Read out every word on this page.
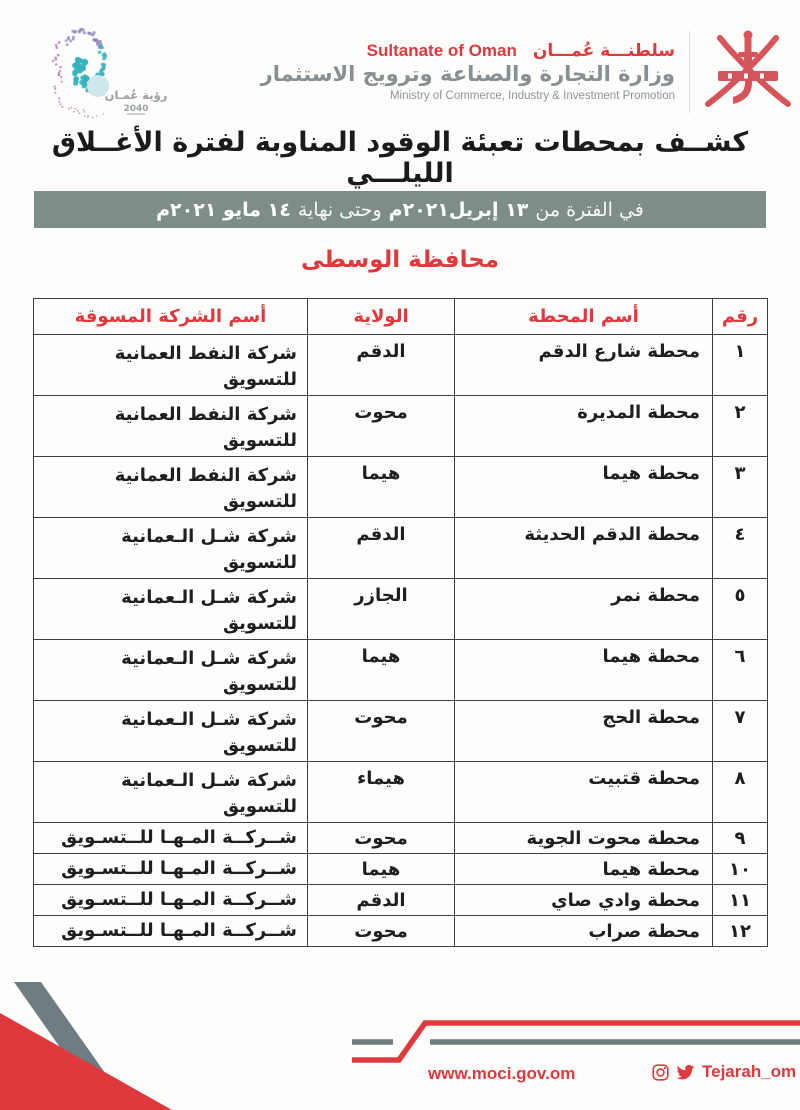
رؤية عُمـان
2040
Sultanate of Oman سلطنـــة عُمـــان
وزارة التجارة والصناعة وترويج الاستثمار
Ministry of Commerce, Industry & Investment Promotion
كشــف بمحطات تعبئة الوقود المناوبة لفترة الأغــلاق الليلـــي
في الفترة من
١٣ إبريل٢٠٢١م
وحتى نهاية
١٤ مايو ٢٠٢١م
محافظة الوسطى
رقم	أسم المحطة	الولاية	أسم الشركة المسوقة
١	محطة شارع الدقم	الدقم	شركة النفط العمانية
للتسويق

٢	محطة المديرة	محوت	شركة النفط العمانية
للتسويق

٣	محطة هيما	هيما	شركة النفط العمانية
للتسويق

٤	محطة الدقم الحديثة	الدقم	شركة شـل الـعمانية
للتسويق

٥	محطة نمر	الجازر	شركة شـل الـعمانية
للتسويق

٦	محطة هيما	هيما	شركة شـل الـعمانية
للتسويق

٧	محطة الحج	محوت	شركة شـل الـعمانية
للتسويق

٨	محطة قتبيت	هيماء	شركة شـل الـعمانية
للتسويق

٩	محطة محوت الجوية	محوت	شــركــة المـهـا للــتسـويق

١٠	محطة هيما	هيما	شــركــة المـهـا للــتسـويق

١١	محطة وادي صاي	الدقم	شــركــة المـهـا للــتسـويق

١٢	محطة صراب	محوت	شــركــة المـهـا للــتسـويق
www.moci.gov.om	Tejarah_om
